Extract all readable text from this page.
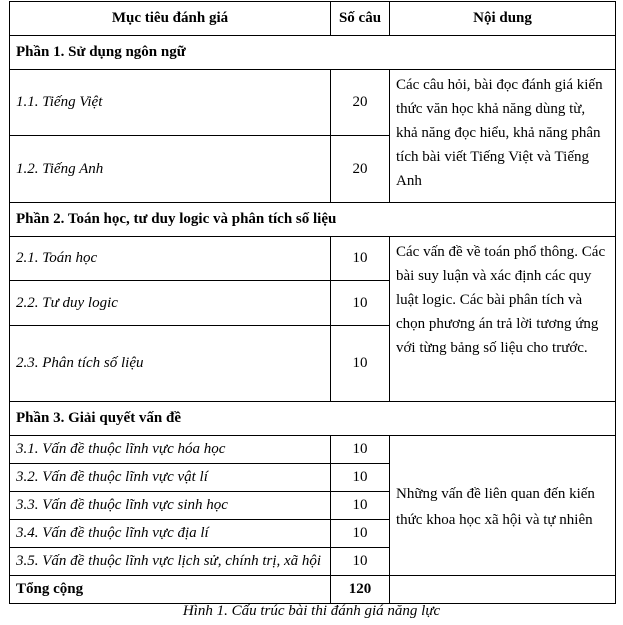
Mục tiêu đánh giá	Số câu	Nội dung
Phần 1. Sử dụng ngôn ngữ		
1.1. Tiếng Việt	20	Các câu hỏi, bài đọc đánh giá kiến thức văn học khả năng dùng từ, khả năng đọc hiểu, khả năng phân tích bài viết Tiếng Việt và Tiếng Anh
1.2. Tiếng Anh	20	
Phần 2. Toán học, tư duy logic và phân tích số liệu		
2.1. Toán học	10	Các vấn đề về toán phổ thông. Các bài suy luận và xác định các quy luật logic. Các bài phân tích và chọn phương án trả lời tương ứng với từng bảng số liệu cho trước.
2.2. Tư duy logic	10	
2.3. Phân tích số liệu	10	
Phần 3. Giải quyết vấn đề		
3.1. Vấn đề thuộc lĩnh vực hóa học	10	Những vấn đề liên quan đến kiến thức khoa học xã hội và tự nhiên
3.2. Vấn đề thuộc lĩnh vực vật lí	10	
3.3. Vấn đề thuộc lĩnh vực sinh học	10	
3.4. Vấn đề thuộc lĩnh vực địa lí	10	
3.5. Vấn đề thuộc lĩnh vực lịch sử, chính trị, xã hội	10	
Tổng cộng	120	
Hình 1. Cấu trúc bài thi đánh giá năng lực
